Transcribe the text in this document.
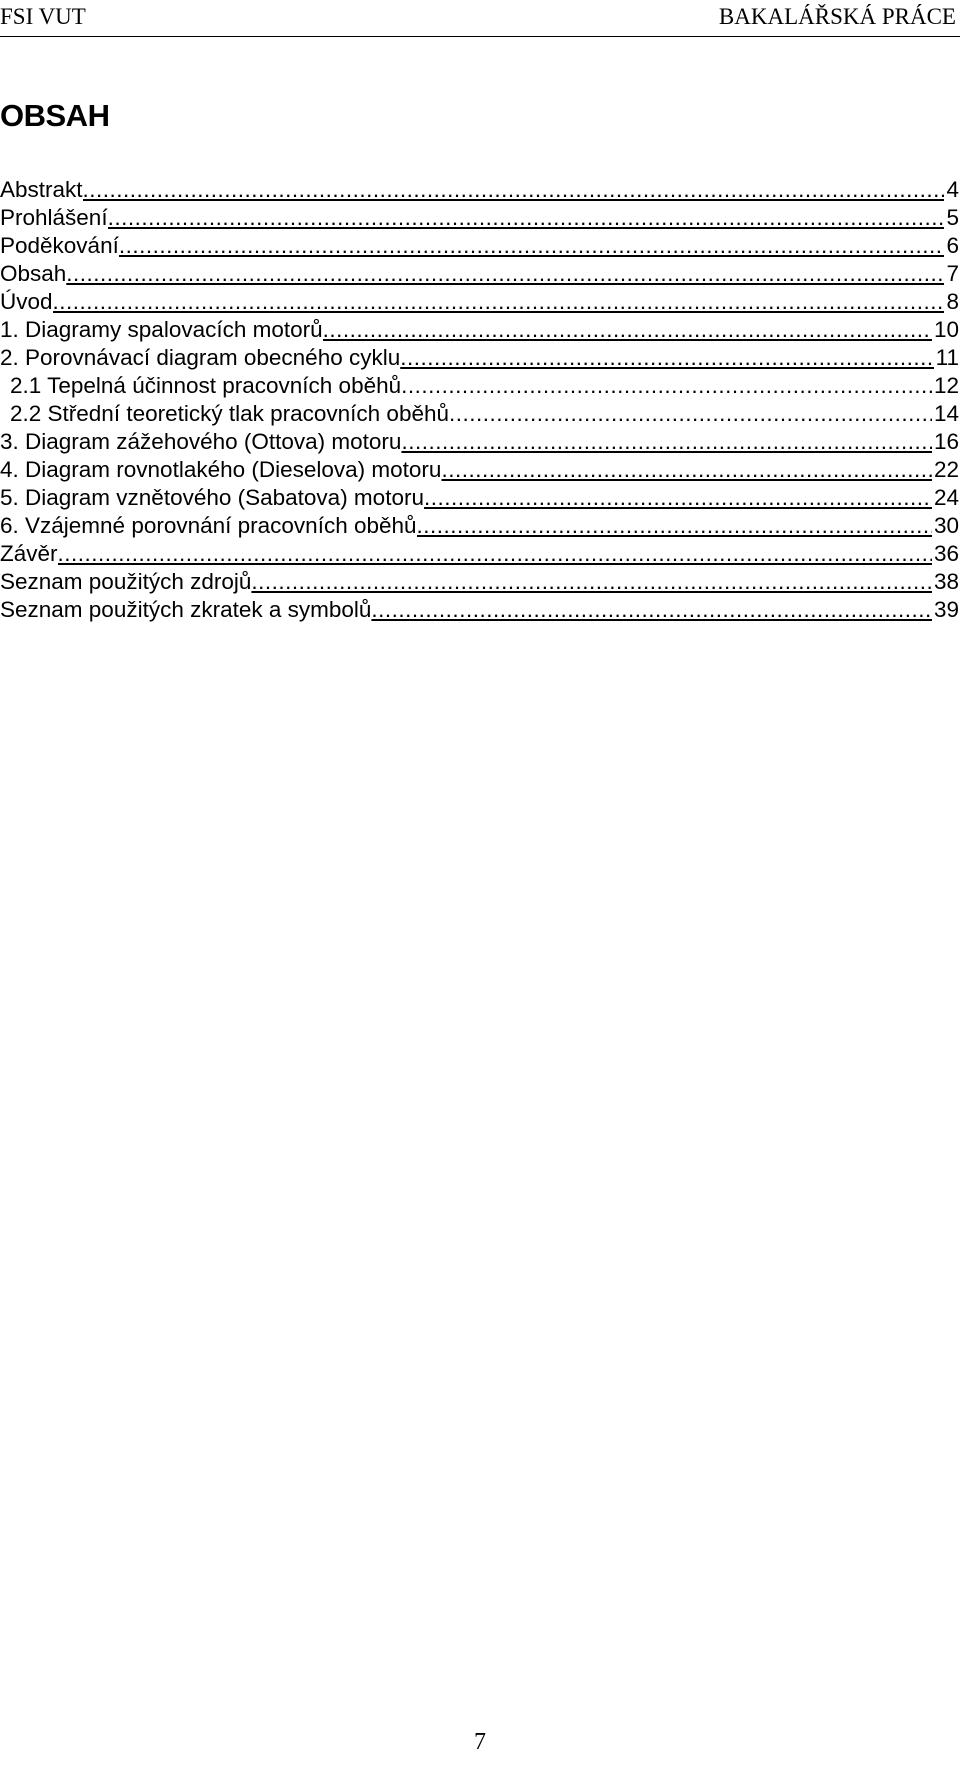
FSI VUT	BAKALÁŘSKÁ PRÁCE
OBSAH
Abstrakt .....	4
Prohlášení .....	5
Poděkování .....	6
Obsah .....	7
Úvod .....	8
1. Diagramy spalovacích motorů .....	10
2. Porovnávací diagram obecného cyklu .....	11
2.1 Tepelná účinnost pracovních oběhů .....	12
2.2 Střední teoretický tlak pracovních oběhů .....	14
3. Diagram zážehového (Ottova) motoru .....	16
4. Diagram rovnotlakého (Dieselova) motoru .....	22
5. Diagram vznětového (Sabatova) motoru .....	24
6. Vzájemné porovnání pracovních oběhů .....	30
Závěr .....	36
Seznam použitých zdrojů .....	38
Seznam použitých zkratek a symbolů .....	39
7
